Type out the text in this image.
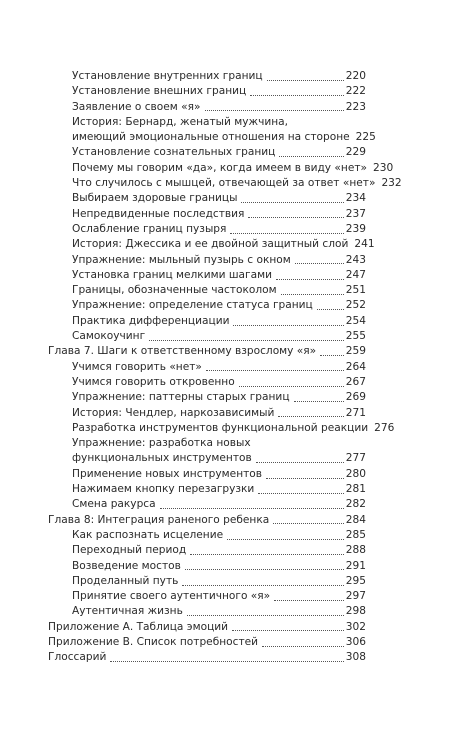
Установление внутренних границ	220
Установление внешних границ	222
Заявление о своем «я»	223
История: Бернард, женатый мужчина,
имеющий эмоциональные отношения на стороне 225
Установление сознательных границ	229
Почему мы говорим «да», когда имеем в виду «нет» 230
Что случилось с мышцей, отвечающей за ответ «нет» 232
Выбираем здоровые границы	234
Непредвиденные последствия	237
Ослабление границ пузыря	239
История: Джессика и ее двойной защитный слой 241
Упражнение: мыльный пузырь с окном	243
Установка границ мелкими шагами	247
Границы, обозначенные частоколом	251
Упражнение: определение статуса границ	252
Практика дифференциации	254
Самокоучинг	255
Глава 7. Шаги к ответственному взрослому «я»	259
Учимся говорить «нет»	264
Учимся говорить откровенно	267
Упражнение: паттерны старых границ	269
История: Чендлер, наркозависимый	271
Разработка инструментов функциональной реакции 276
Упражнение: разработка новых
функциональных инструментов	277
Применение новых инструментов	280
Нажимаем кнопку перезагрузки	281
Смена ракурса	282
Глава 8: Интеграция раненого ребенка	284
Как распознать исцеление	285
Переходный период	288
Возведение мостов	291
Проделанный путь	295
Принятие своего аутентичного «я»	297
Аутентичная жизнь	298
Приложение А. Таблица эмоций	302
Приложение В. Список потребностей	306
Глоссарий	308
